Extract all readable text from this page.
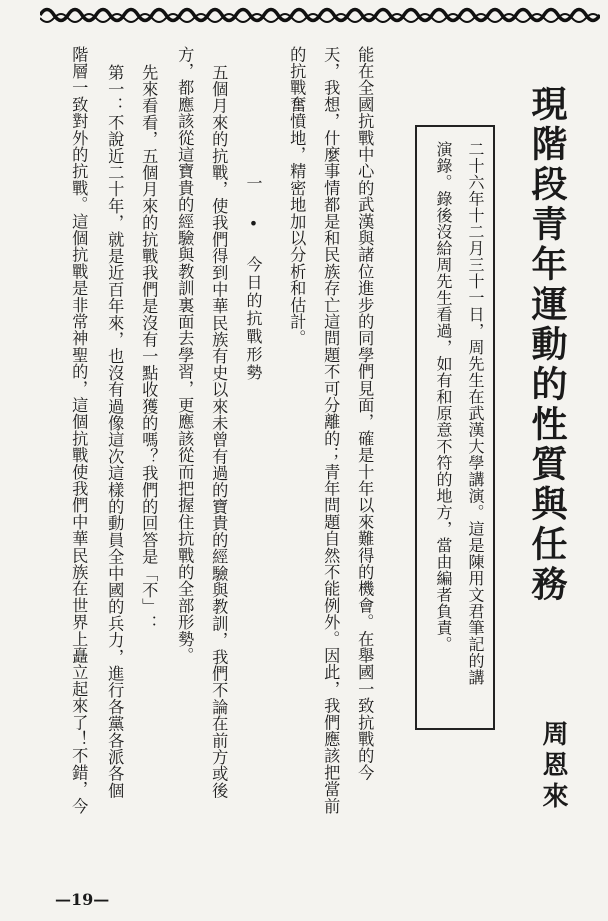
現階段青年運動的性質與任務
二十六年十二月三十一日，周先生在武漢大學講演。這是陳用文君筆記的講
演錄。錄後沒給周先生看過，如有和原意不符的地方，當由編者負責。
周恩來
能在全國抗戰中心的武漢與諸位進步的同學們見面，確是十年以來難得的機會。在舉國一致抗戰的今
天，我想，什麼事情都是和民族存亡這問題不可分離的；青年問題自然不能例外。因此，我們應該把當前
的抗戰奮憤地，精密地加以分析和估計。
一 • 今日的抗戰形勢
五個月來的抗戰，使我們得到中華民族有史以來未曾有過的寶貴的經驗與教訓，我們不論在前方或後
方，都應該從這寶貴的經驗與教訓裏面去學習，更應該從而把握住抗戰的全部形勢。
先來看看，五個月來的抗戰我們是沒有一點收獲的嗎？我們的回答是「不」：
第一：不說近二十年，就是近百年來，也沒有過像這次這樣的動員全中國的兵力，進行各黨各派各個
階層一致對外的抗戰。這個抗戰是非常神聖的，這個抗戰使我們中華民族在世界上矗立起來了！不錯，今
—19—
